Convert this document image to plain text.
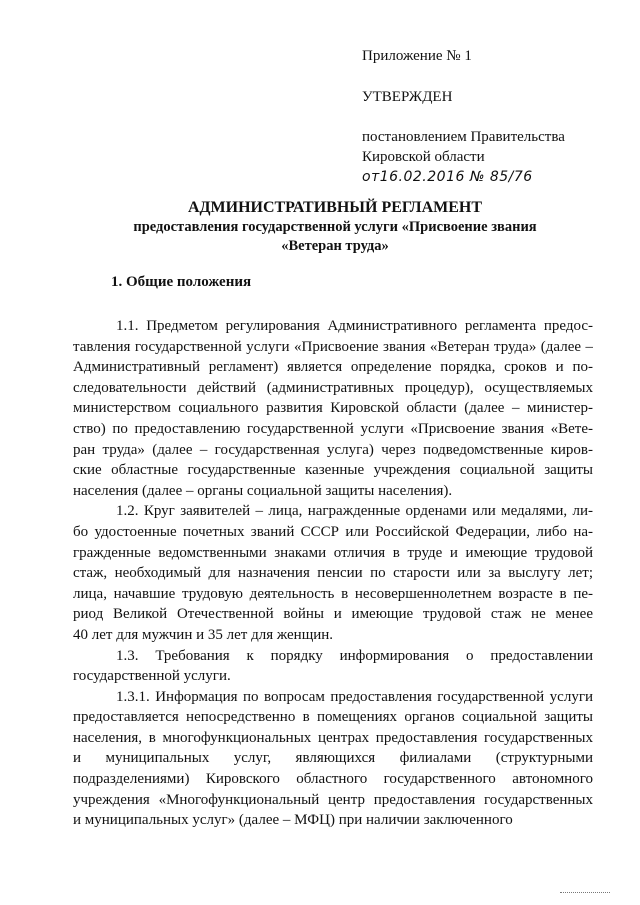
Приложение № 1
УТВЕРЖДЕН
постановлением Правительства
Кировской области
от16.02.2016 № 85/76
АДМИНИСТРАТИВНЫЙ РЕГЛАМЕНТ
предоставления государственной услуги «Присвоение звания
«Ветеран труда»
1. Общие положения
1.1. Предметом регулирования Административного регламента предос-
тавления государственной услуги «Присвоение звания «Ветеран труда» (далее –
Административный регламент) является определение порядка, сроков и по-
следовательности действий (административных процедур), осуществляемых
министерством социального развития Кировской области (далее – министер-
ство) по предоставлению государственной услуги «Присвоение звания «Вете-
ран труда» (далее – государственная услуга) через подведомственные киров-
ские областные государственные казенные учреждения социальной защиты
населения (далее – органы социальной защиты населения).
1.2. Круг заявителей – лица, награжденные орденами или медалями, ли-
бо удостоенные почетных званий СССР или Российской Федерации, либо на-
гражденные ведомственными знаками отличия в труде и имеющие трудовой
стаж, необходимый для назначения пенсии по старости или за выслугу лет;
лица, начавшие трудовую деятельность в несовершеннолетнем возрасте в пе-
риод Великой Отечественной войны и имеющие трудовой стаж не менее
40 лет для мужчин и 35 лет для женщин.
1.3. Требования к порядку информирования о предоставлении
государственной услуги.
1.3.1. Информация по вопросам предоставления государственной услуги
предоставляется непосредственно в помещениях органов социальной защиты
населения, в многофункциональных центрах предоставления государственных
и муниципальных услуг, являющихся филиалами (структурными
подразделениями) Кировского областного государственного автономного
учреждения «Многофункциональный центр предоставления государственных
и муниципальных услуг» (далее – МФЦ) при наличии заключенного
